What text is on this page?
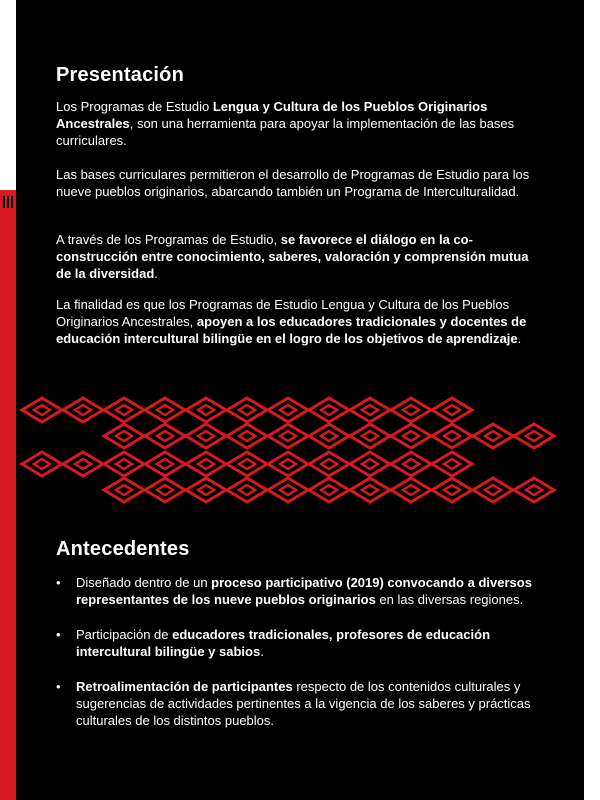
Presentación

Los Programas de Estudio Lengua y Cultura de los Pueblos Originarios Ancestrales, son una herramienta para apoyar la implementación de las bases curriculares.

Las bases curriculares permitieron el desarrollo de Programas de Estudio para los nueve pueblos originarios, abarcando también un Programa de Interculturalidad.

A través de los Programas de Estudio, se favorece el diálogo en la co-construcción entre conocimiento, saberes, valoración y comprensión mutua de la diversidad.

La finalidad es que los Programas de Estudio Lengua y Cultura de los Pueblos Originarios Ancestrales, apoyen a los educadores tradicionales y docentes de educación intercultural bilingüe en el logro de los objetivos de aprendizaje.

Antecedentes
• Diseñado dentro de un proceso participativo (2019) convocando a diversos representantes de los nueve pueblos originarios en las diversas regiones.
• Participación de educadores tradicionales, profesores de educación intercultural bilingüe y sabios.
• Retroalimentación de participantes respecto de los contenidos culturales y sugerencias de actividades pertinentes a la vigencia de los saberes y prácticas culturales de los distintos pueblos.
